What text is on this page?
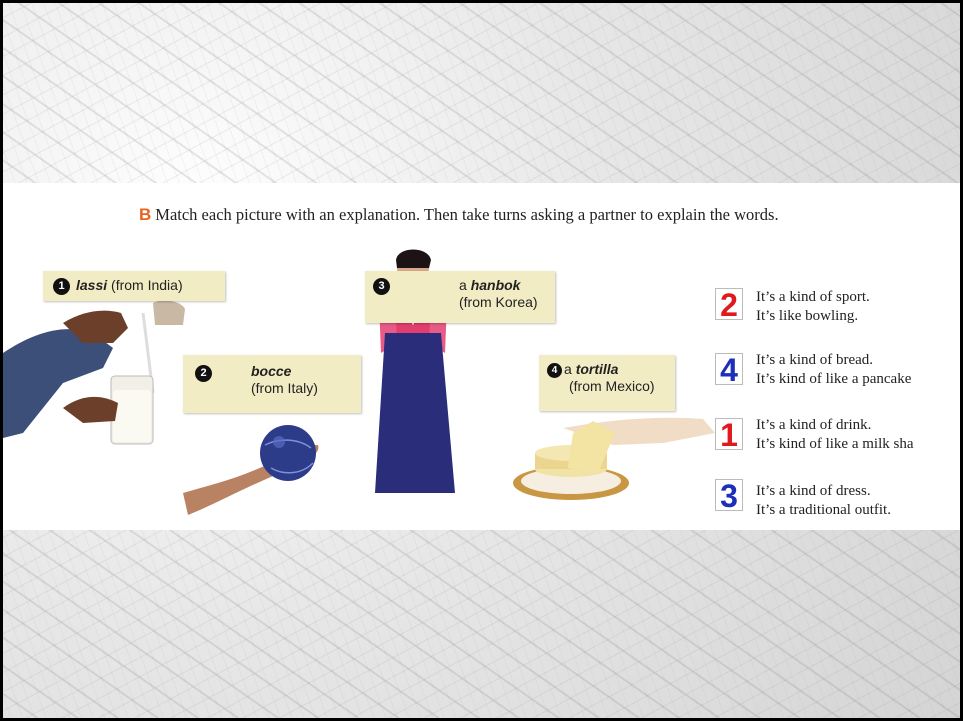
B Match each picture with an explanation. Then take turns asking a partner to explain the words.
1 lassi (from India)
2	bocce
(from Italy)
3	a hanbok
(from Korea)
4 a tortilla
(from Mexico)
2	It’s a kind of sport.
It’s like bowling.
4	It’s a kind of bread.
It’s kind of like a pancake
1	It’s a kind of drink.
It’s kind of like a milk sha
3	It’s a kind of dress.
It’s a traditional outfit.
